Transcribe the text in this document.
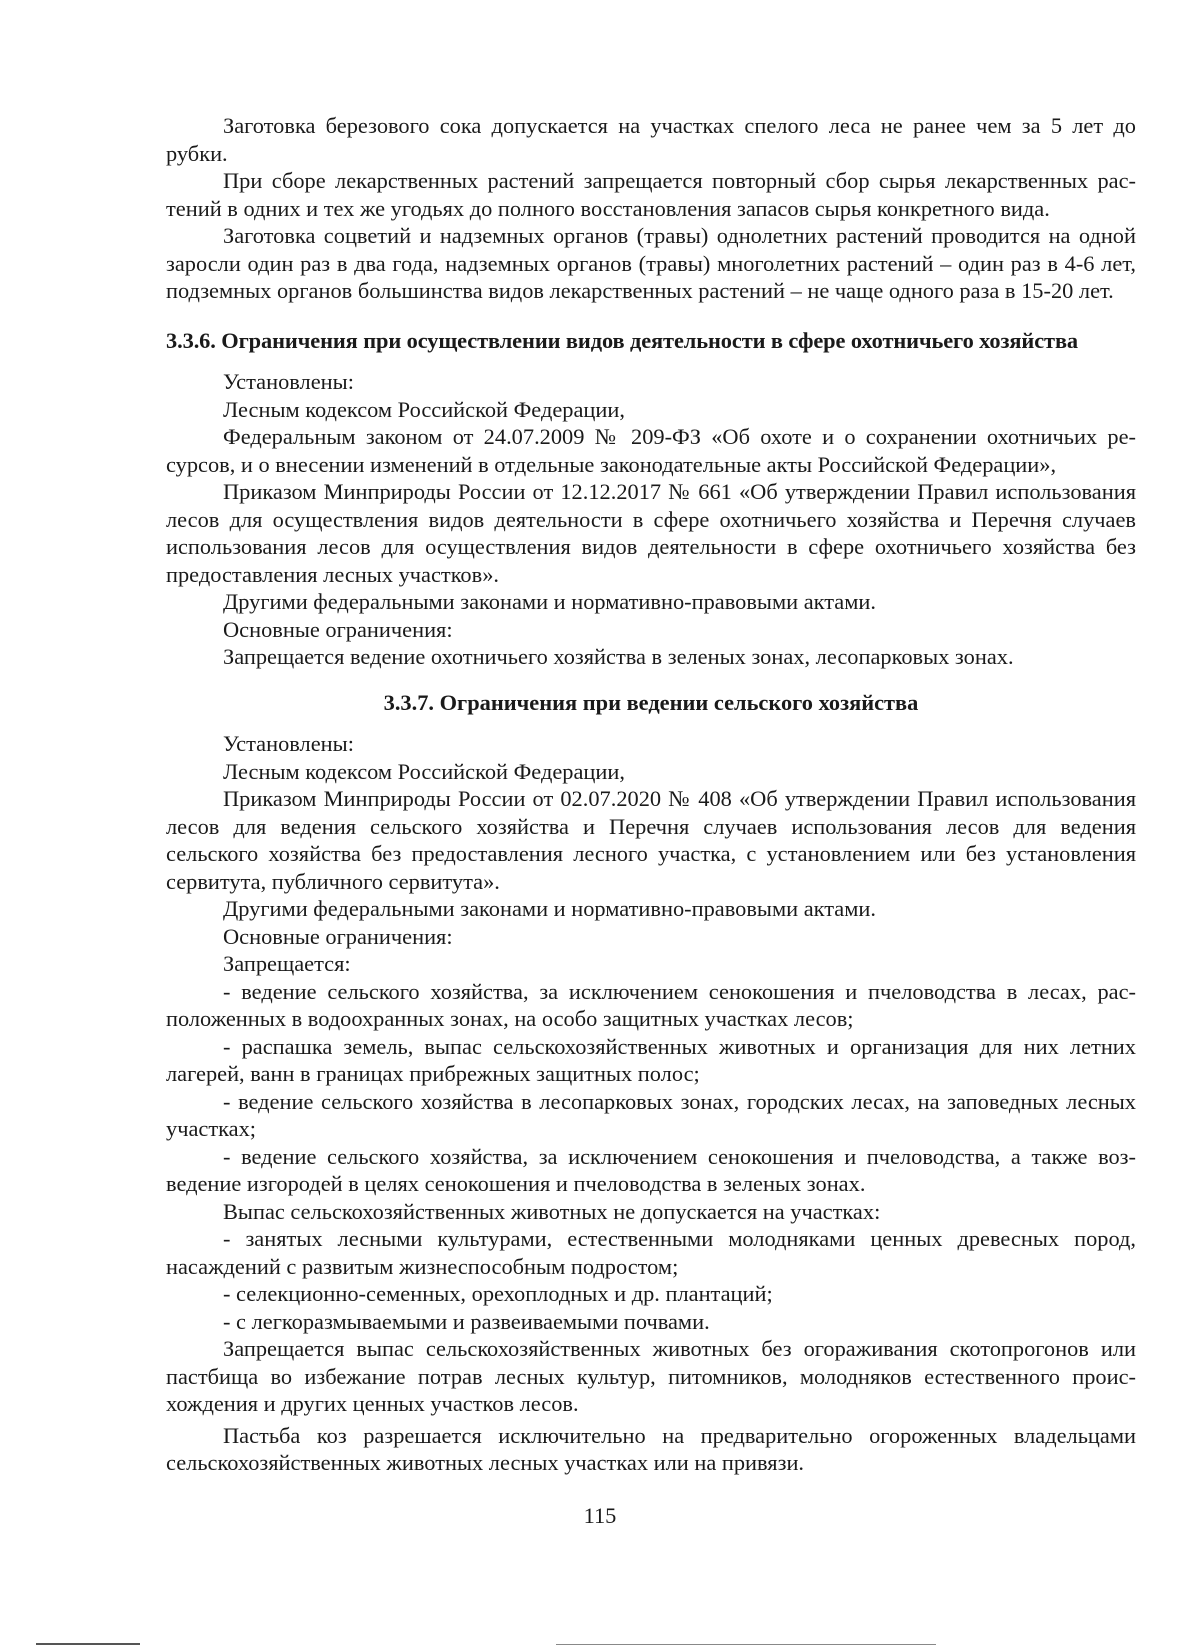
Заготовка березового сока допускается на участках спелого леса не ранее чем за 5 лет до рубки.

При сборе лекарственных растений запрещается повторный сбор сырья лекарственных растений в одних и тех же угодьях до полного восстановления запасов сырья конкретного вида.

Заготовка соцветий и надземных органов (травы) однолетних растений проводится на одной заросли один раз в два года, надземных органов (травы) многолетних растений – один раз в 4-6 лет, подземных органов большинства видов лекарственных растений – не чаще одного раза в 15-20 лет.

3.3.6. Ограничения при осуществлении видов деятельности в сфере охотничьего хозяйства

Установлены:

Лесным кодексом Российской Федерации,

Федеральным законом от 24.07.2009 № 209-ФЗ «Об охоте и о сохранении охотничьих ресурсов, и о внесении изменений в отдельные законодательные акты Российской Федерации»,

Приказом Минприроды России от 12.12.2017 № 661 «Об утверждении Правил использования лесов для осуществления видов деятельности в сфере охотничьего хозяйства и Перечня случаев использования лесов для осуществления видов деятельности в сфере охотничьего хозяйства без предоставления лесных участков».

Другими федеральными законами и нормативно-правовыми актами.

Основные ограничения:

Запрещается ведение охотничьего хозяйства в зеленых зонах, лесопарковых зонах.

3.3.7. Ограничения при ведении сельского хозяйства

Установлены:

Лесным кодексом Российской Федерации,

Приказом Минприроды России от 02.07.2020 № 408 «Об утверждении Правил использования лесов для ведения сельского хозяйства и Перечня случаев использования лесов для ведения сельского хозяйства без предоставления лесного участка, с установлением или без установления сервитута, публичного сервитута».

Другими федеральными законами и нормативно-правовыми актами.

Основные ограничения:

Запрещается:

- ведение сельского хозяйства, за исключением сенокошения и пчеловодства в лесах, расположенных в водоохранных зонах, на особо защитных участках лесов;

- распашка земель, выпас сельскохозяйственных животных и организация для них летних лагерей, ванн в границах прибрежных защитных полос;

- ведение сельского хозяйства в лесопарковых зонах, городских лесах, на заповедных лесных участках;

- ведение сельского хозяйства, за исключением сенокошения и пчеловодства, а также возведение изгородей в целях сенокошения и пчеловодства в зеленых зонах.

Выпас сельскохозяйственных животных не допускается на участках:

- занятых лесными культурами, естественными молодняками ценных древесных пород, насаждений с развитым жизнеспособным подростом;

- селекционно-семенных, орехоплодных и др. плантаций;

- с легкоразмываемыми и развеиваемыми почвами.

Запрещается выпас сельскохозяйственных животных без огораживания скотопрогонов или пастбища во избежание потрав лесных культур, питомников, молодняков естественного происхождения и других ценных участков лесов.

Пастьба коз разрешается исключительно на предварительно огороженных владельцами сельскохозяйственных животных лесных участках или на привязи.

115
